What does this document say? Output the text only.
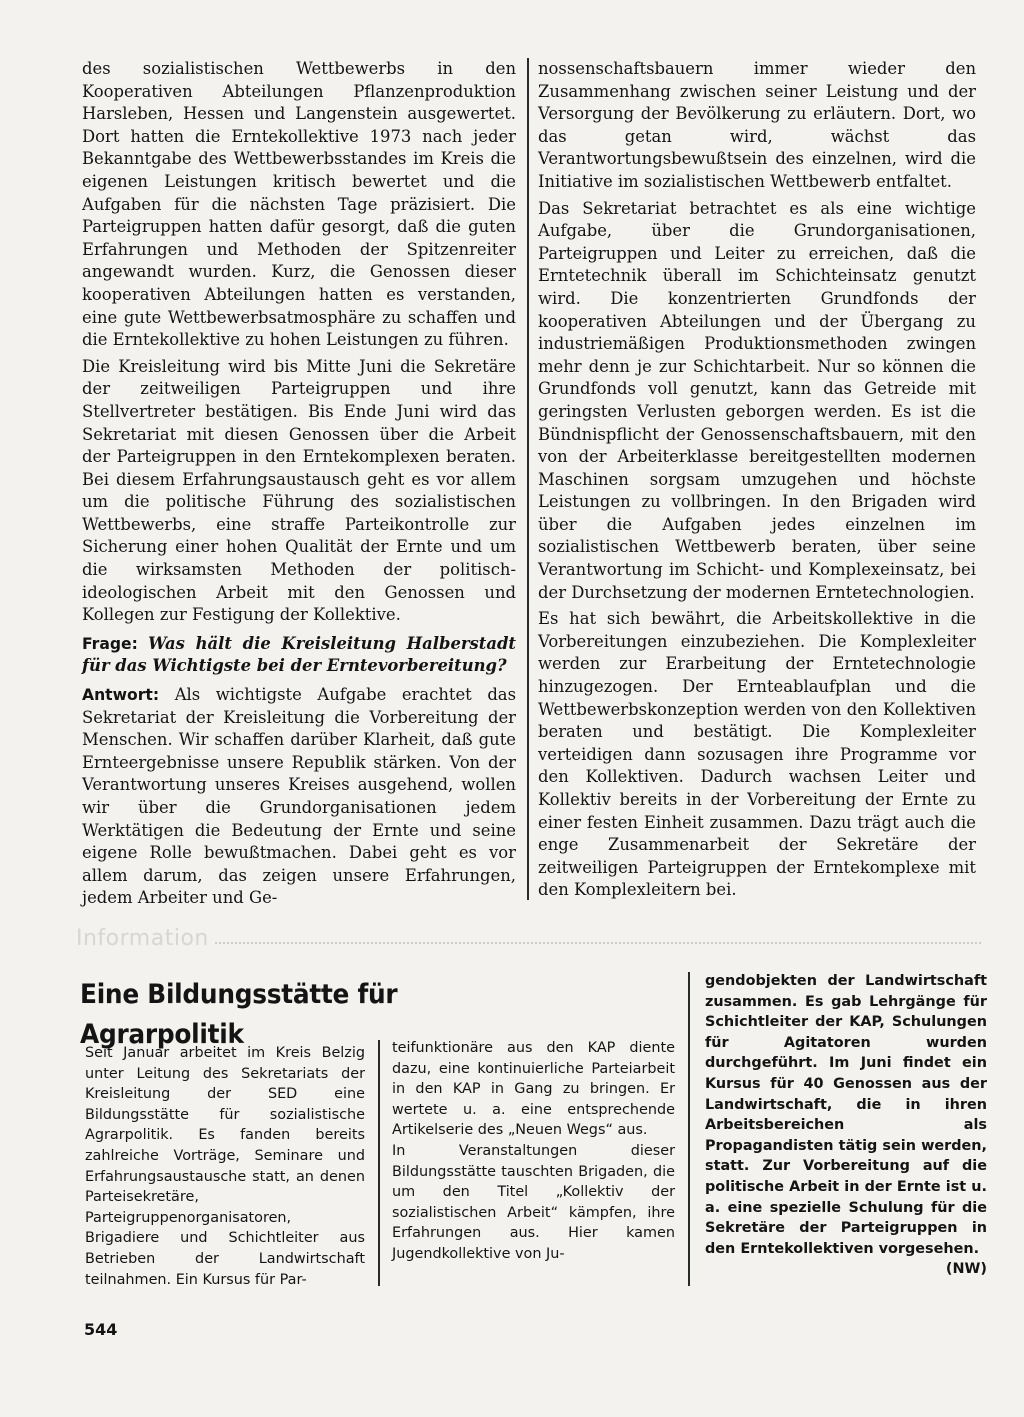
des sozialistischen Wettbewerbs in den Kooperativen Abteilungen Pflanzenproduktion Harsleben, Hessen und Langenstein ausgewertet. Dort hatten die Erntekollektive 1973 nach jeder Bekanntgabe des Wettbewerbsstandes im Kreis die eigenen Leistungen kritisch bewertet und die Aufgaben für die nächsten Tage präzisiert. Die Parteigruppen hatten dafür gesorgt, daß die guten Erfahrungen und Methoden der Spitzenreiter angewandt wurden. Kurz, die Genossen dieser kooperativen Abteilungen hatten es verstanden, eine gute Wettbewerbsatmosphäre zu schaffen und die Erntekollektive zu hohen Leistungen zu führen.

Die Kreisleitung wird bis Mitte Juni die Sekretäre der zeitweiligen Parteigruppen und ihre Stellvertreter bestätigen. Bis Ende Juni wird das Sekretariat mit diesen Genossen über die Arbeit der Parteigruppen in den Erntekomplexen beraten. Bei diesem Erfahrungsaustausch geht es vor allem um die politische Führung des sozialistischen Wettbewerbs, eine straffe Parteikontrolle zur Sicherung einer hohen Qualität der Ernte und um die wirksamsten Methoden der politisch-ideologischen Arbeit mit den Genossen und Kollegen zur Festigung der Kollektive.

Frage: Was hält die Kreisleitung Halberstadt für das Wichtigste bei der Erntevorbereitung?

Antwort: Als wichtigste Aufgabe erachtet das Sekretariat der Kreisleitung die Vorbereitung der Menschen. Wir schaffen darüber Klarheit, daß gute Ernteergebnisse unsere Republik stärken. Von der Verantwortung unseres Kreises ausgehend, wollen wir über die Grundorganisationen jedem Werktätigen die Bedeutung der Ernte und seine eigene Rolle bewußtmachen. Dabei geht es vor allem darum, das zeigen unsere Erfahrungen, jedem Arbeiter und Ge-

nossenschaftsbauern immer wieder den Zusammenhang zwischen seiner Leistung und der Versorgung der Bevölkerung zu erläutern. Dort, wo das getan wird, wächst das Verantwortungsbewußtsein des einzelnen, wird die Initiative im sozialistischen Wettbewerb entfaltet.

Das Sekretariat betrachtet es als eine wichtige Aufgabe, über die Grundorganisationen, Parteigruppen und Leiter zu erreichen, daß die Erntetechnik überall im Schichteinsatz genutzt wird. Die konzentrierten Grundfonds der kooperativen Abteilungen und der Übergang zu industriemäßigen Produktionsmethoden zwingen mehr denn je zur Schichtarbeit. Nur so können die Grundfonds voll genutzt, kann das Getreide mit geringsten Verlusten geborgen werden. Es ist die Bündnispflicht der Genossenschaftsbauern, mit den von der Arbeiterklasse bereitgestellten modernen Maschinen sorgsam umzugehen und höchste Leistungen zu vollbringen. In den Brigaden wird über die Aufgaben jedes einzelnen im sozialistischen Wettbewerb beraten, über seine Verantwortung im Schicht- und Komplexeinsatz, bei der Durchsetzung der modernen Erntetechnologien.

Es hat sich bewährt, die Arbeitskollektive in die Vorbereitungen einzubeziehen. Die Komplexleiter werden zur Erarbeitung der Erntetechnologie hinzugezogen. Der Ernteablaufplan und die Wettbewerbskonzeption werden von den Kollektiven beraten und bestätigt. Die Komplexleiter verteidigen dann sozusagen ihre Programme vor den Kollektiven. Dadurch wachsen Leiter und Kollektiv bereits in der Vorbereitung der Ernte zu einer festen Einheit zusammen. Dazu trägt auch die enge Zusammenarbeit der Sekretäre der zeitweiligen Parteigruppen der Erntekomplexe mit den Komplexleitern bei.

Information
Eine Bildungsstätte für Agrarpolitik

Seit Januar arbeitet im Kreis Belzig unter Leitung des Sekretariats der Kreisleitung der SED eine Bildungsstätte für sozialistische Agrarpolitik. Es fanden bereits zahlreiche Vorträge, Seminare und Erfahrungsaustausche statt, an denen Parteisekretäre, Parteigruppenorganisatoren, Brigadiere und Schichtleiter aus Betrieben der Landwirtschaft teilnahmen. Ein Kursus für Par-

teifunktionäre aus den KAP diente dazu, eine kontinuierliche Parteiarbeit in den KAP in Gang zu bringen. Er wertete u. a. eine entsprechende Artikelserie des „Neuen Wegs“ aus.

In Veranstaltungen dieser Bildungsstätte tauschten Brigaden, die um den Titel „Kollektiv der sozialistischen Arbeit“ kämpfen, ihre Erfahrungen aus. Hier kamen Jugendkollektive von Ju-

gendobjekten der Landwirtschaft zusammen. Es gab Lehrgänge für Schichtleiter der KAP, Schulungen für Agitatoren wurden durchgeführt. Im Juni findet ein Kursus für 40 Genossen aus der Landwirtschaft, die in ihren Arbeitsbereichen als Propagandisten tätig sein werden, statt. Zur Vorbereitung auf die politische Arbeit in der Ernte ist u. a. eine spezielle Schulung für die Sekretäre der Parteigruppen in den Erntekollektiven vorgesehen.
(NW)

544
